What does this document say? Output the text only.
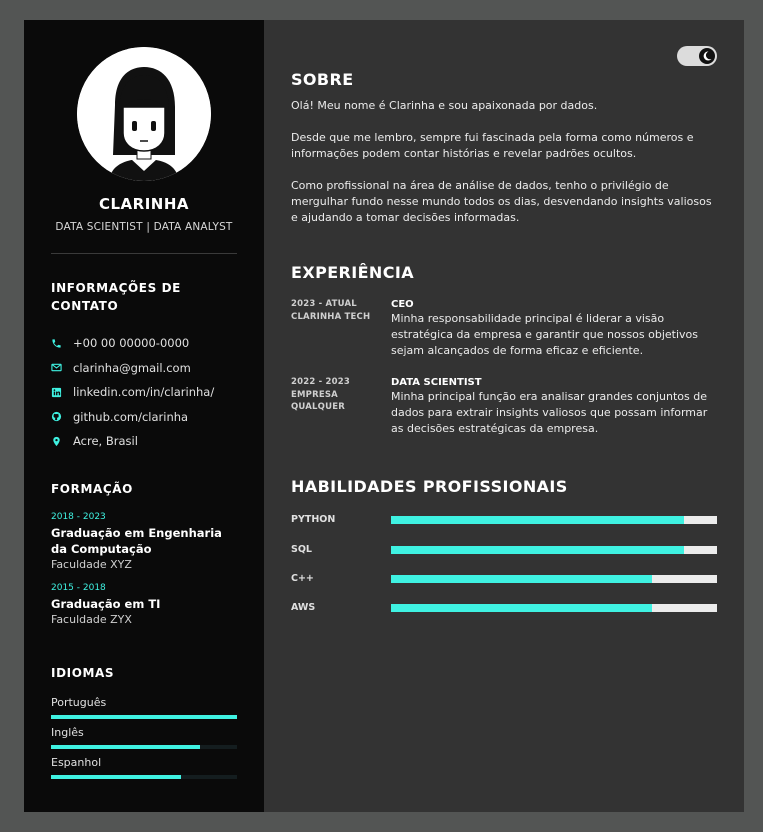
CLARINHA
DATA SCIENTIST | DATA ANALYST
INFORMAÇÕES DE CONTATO
+00 00 00000-0000
clarinha@gmail.com
linkedin.com/in/clarinha/
github.com/clarinha
Acre, Brasil
FORMAÇÃO
2018 - 2023
Graduação em Engenharia da Computação
Faculdade XYZ
2015 - 2018
Graduação em TI
Faculdade ZYX
IDIOMAS
Português
Inglês
Espanhol
SOBRE
Olá! Meu nome é Clarinha e sou apaixonada por dados.
Desde que me lembro, sempre fui fascinada pela forma como números e informações podem contar histórias e revelar padrões ocultos.
Como profissional na área de análise de dados, tenho o privilégio de mergulhar fundo nesse mundo todos os dias, desvendando insights valiosos e ajudando a tomar decisões informadas.
EXPERIÊNCIA
2023 - ATUAL
CLARINHA TECH
CEO
Minha responsabilidade principal é liderar a visão estratégica da empresa e garantir que nossos objetivos sejam alcançados de forma eficaz e eficiente.
2022 - 2023
EMPRESA QUALQUER
DATA SCIENTIST
Minha principal função era analisar grandes conjuntos de dados para extrair insights valiosos que possam informar as decisões estratégicas da empresa.
HABILIDADES PROFISSIONAIS
PYTHON
SQL
C++
AWS
